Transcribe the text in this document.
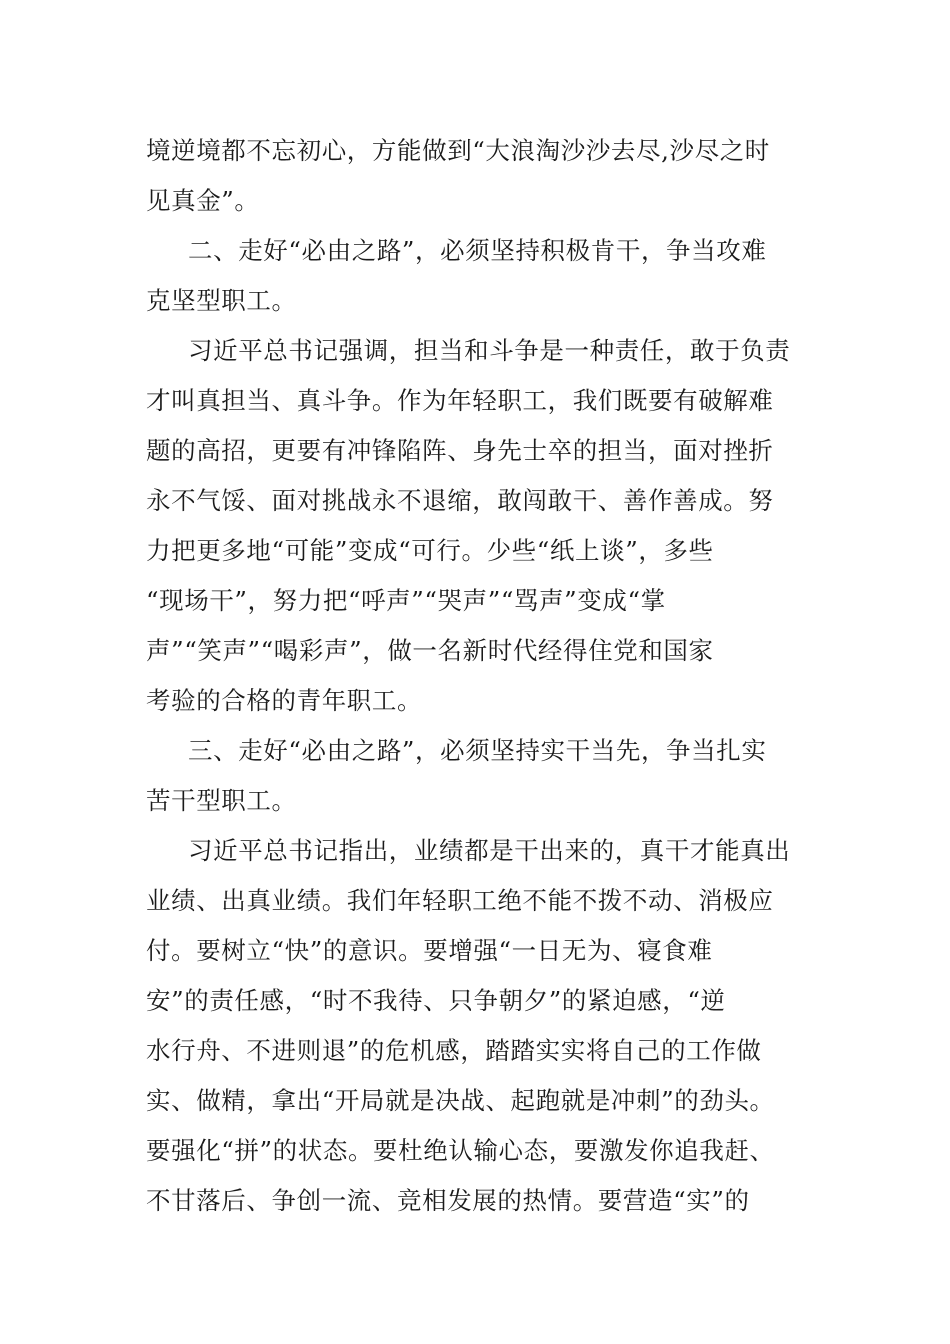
境逆境都不忘初心，方能做到“大浪淘沙沙去尽,沙尽之时
见真金”。
二、走好“必由之路”，必须坚持积极肯干，争当攻难
克坚型职工。
习近平总书记强调，担当和斗争是一种责任，敢于负责
才叫真担当、真斗争。作为年轻职工，我们既要有破解难
题的高招，更要有冲锋陷阵、身先士卒的担当，面对挫折
永不气馁、面对挑战永不退缩，敢闯敢干、善作善成。努
力把更多地“可能”变成“可行。少些“纸上谈”，多些
“现场干”，努力把“呼声”“哭声”“骂声”变成“掌
声”“笑声”“喝彩声”，做一名新时代经得住党和国家
考验的合格的青年职工。
三、走好“必由之路”，必须坚持实干当先，争当扎实
苦干型职工。
习近平总书记指出，业绩都是干出来的，真干才能真出
业绩、出真业绩。我们年轻职工绝不能不拨不动、消极应
付。要树立“快”的意识。要增强“一日无为、寝食难
安”的责任感，“时不我待、只争朝夕”的紧迫感，“逆
水行舟、不进则退”的危机感，踏踏实实将自己的工作做
实、做精，拿出“开局就是决战、起跑就是冲刺”的劲头。
要强化“拼”的状态。要杜绝认输心态，要激发你追我赶、
不甘落后、争创一流、竞相发展的热情。要营造“实”的
